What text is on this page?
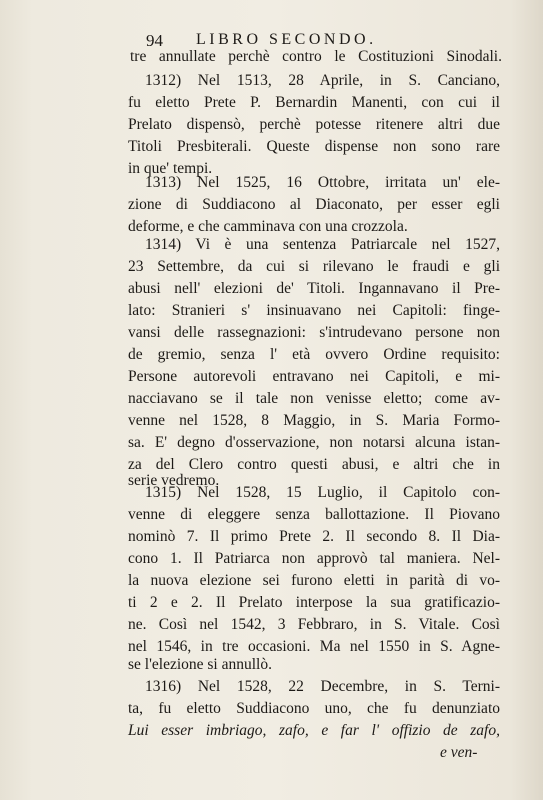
94 LIBRO SECONDO.
tre annullate perchè contro le Costituzioni Sinodali.
1312) Nel 1513, 28 Aprile, in S. Canciano,
fu eletto Prete P. Bernardin Manenti, con cui il
Prelato dispensò, perchè potesse ritenere altri due
Titoli Presbiterali. Queste dispense non sono rare
in que' tempi.
1313) Nel 1525, 16 Ottobre, irritata un' ele-
zione di Suddiacono al Diaconato, per esser egli
deforme, e che camminava con una crozzola.
1314) Vi è una sentenza Patriarcale nel 1527,
23 Settembre, da cui si rilevano le fraudi e gli
abusi nell' elezioni de' Titoli. Ingannavano il Pre-
lato: Stranieri s' insinuavano nei Capitoli: finge-
vansi delle rassegnazioni: s'intrudevano persone non
de gremio, senza l' età ovvero Ordine requisito:
Persone autorevoli entravano nei Capitoli, e mi-
nacciavano se il tale non venisse eletto; come av-
venne nel 1528, 8 Maggio, in S. Maria Formo-
sa. E' degno d'osservazione, non notarsi alcuna istan-
za del Clero contro questi abusi, e altri che in
serie vedremo.
1315) Nel 1528, 15 Luglio, il Capitolo con-
venne di eleggere senza ballottazione. Il Piovano
nominò 7. Il primo Prete 2. Il secondo 8. Il Dia-
cono 1. Il Patriarca non approvò tal maniera. Nel-
la nuova elezione sei furono eletti in parità di vo-
ti 2 e 2. Il Prelato interpose la sua gratificazio-
ne. Così nel 1542, 3 Febbraro, in S. Vitale. Così
nel 1546, in tre occasioni. Ma nel 1550 in S. Agne-
se l'elezione si annullò.
1316) Nel 1528, 22 Decembre, in S. Terni-
ta, fu eletto Suddiacono uno, che fu denunziato
Lui esser imbriago, zafo, e far l' offizio de zafo,
e ven-
